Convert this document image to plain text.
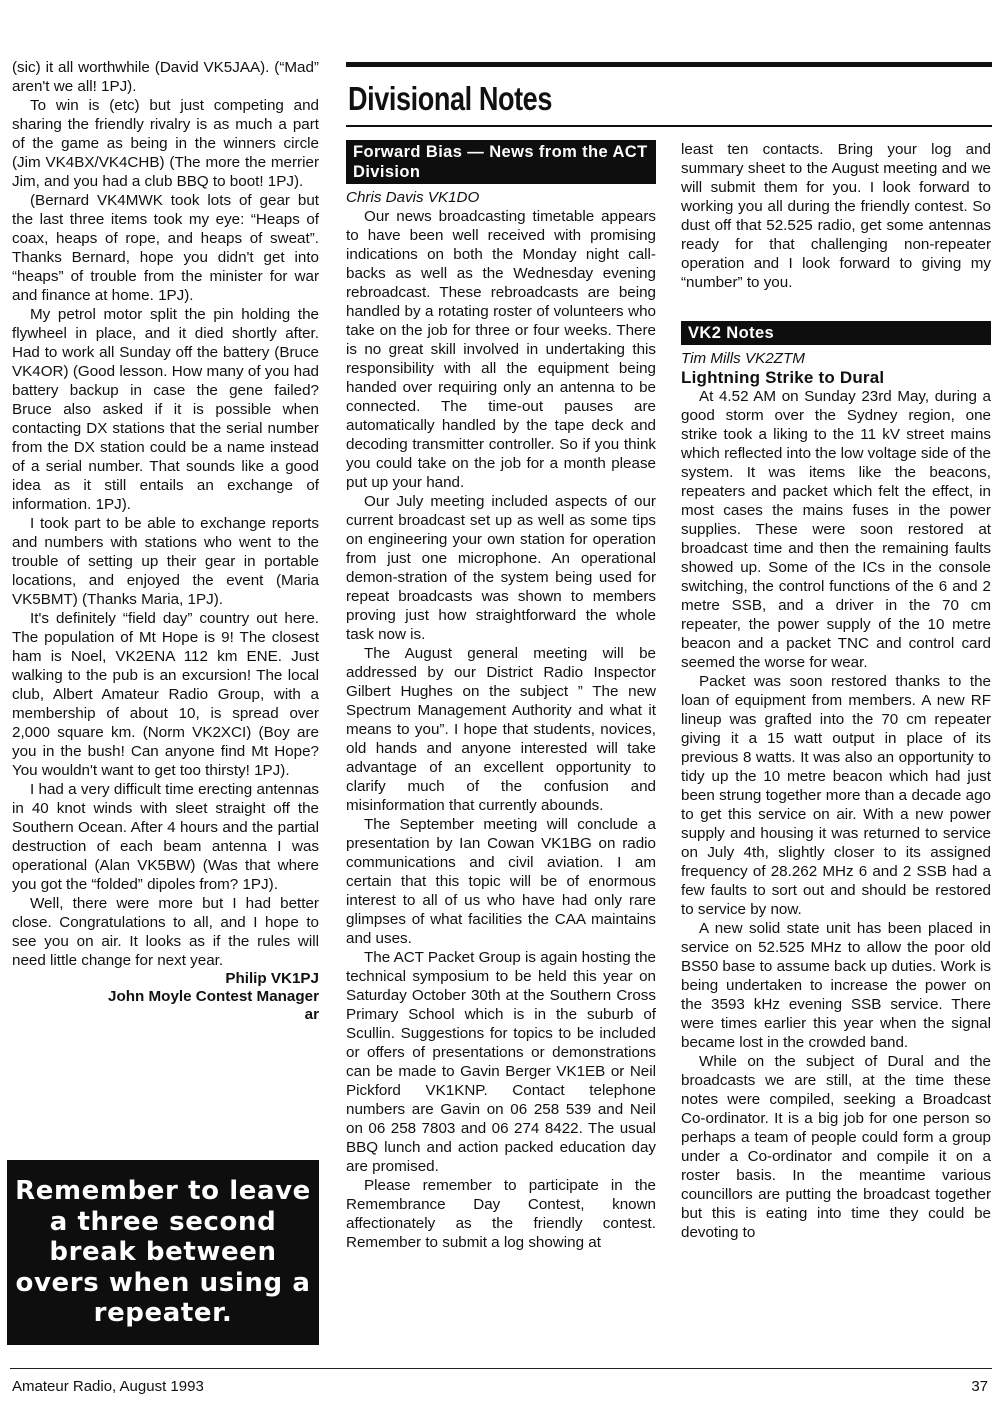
(sic) it all worthwhile (David VK5JAA). (“Mad” aren't we all! 1PJ).

To win is (etc) but just competing and sharing the friendly rivalry is as much a part of the game as being in the winners circle (Jim VK4BX/VK4CHB) (The more the merrier Jim, and you had a club BBQ to boot! 1PJ).

(Bernard VK4MWK took lots of gear but the last three items took my eye: “Heaps of coax, heaps of rope, and heaps of sweat”. Thanks Bernard, hope you didn't get into “heaps” of trouble from the minister for war and finance at home. 1PJ).

My petrol motor split the pin holding the flywheel in place, and it died shortly after. Had to work all Sunday off the battery (Bruce VK4OR) (Good lesson. How many of you had battery backup in case the gene failed? Bruce also asked if it is possible when contacting DX stations that the serial number from the DX station could be a name instead of a serial number. That sounds like a good idea as it still entails an exchange of information. 1PJ).

I took part to be able to exchange reports and numbers with stations who went to the trouble of setting up their gear in portable locations, and enjoyed the event (Maria VK5BMT) (Thanks Maria, 1PJ).

It's definitely “field day” country out here. The population of Mt Hope is 9! The closest ham is Noel, VK2ENA 112 km ENE. Just walking to the pub is an excursion! The local club, Albert Amateur Radio Group, with a membership of about 10, is spread over 2,000 square km. (Norm VK2XCI) (Boy are you in the bush! Can anyone find Mt Hope? You wouldn't want to get too thirsty! 1PJ).

I had a very difficult time erecting antennas in 40 knot winds with sleet straight off the Southern Ocean. After 4 hours and the partial destruction of each beam antenna I was operational (Alan VK5BW) (Was that where you got the “folded” dipoles from? 1PJ).

Well, there were more but I had better close. Congratulations to all, and I hope to see you on air. It looks as if the rules will need little change for next year.

Philip VK1PJ
John Moyle Contest Manager
ar
Remember to leave a three second break between overs when using a repeater.
Divisional Notes
Forward Bias — News from the ACT Division

Chris Davis VK1DO

Our news broadcasting timetable appears to have been well received with promising indications on both the Monday night call-backs as well as the Wednesday evening rebroadcast. These rebroadcasts are being handled by a rotating roster of volunteers who take on the job for three or four weeks. There is no great skill involved in undertaking this responsibility with all the equipment being handed over requiring only an antenna to be connected. The time-out pauses are automatically handled by the tape deck and decoding transmitter controller. So if you think you could take on the job for a month please put up your hand.

Our July meeting included aspects of our current broadcast set up as well as some tips on engineering your own station for operation from just one microphone. An operational demon-stration of the system being used for repeat broadcasts was shown to members proving just how straightforward the whole task now is.

The August general meeting will be addressed by our District Radio Inspector Gilbert Hughes on the subject ” The new Spectrum Management Authority and what it means to you”. I hope that students, novices, old hands and anyone interested will take advantage of an excellent opportunity to clarify much of the confusion and misinformation that currently abounds.

The September meeting will conclude a presentation by Ian Cowan VK1BG on radio communications and civil aviation. I am certain that this topic will be of enormous interest to all of us who have had only rare glimpses of what facilities the CAA maintains and uses.

The ACT Packet Group is again hosting the technical symposium to be held this year on Saturday October 30th at the Southern Cross Primary School which is in the suburb of Scullin. Suggestions for topics to be included or offers of presentations or demonstrations can be made to Gavin Berger VK1EB or Neil Pickford VK1KNP. Contact telephone numbers are Gavin on 06 258 539 and Neil on 06 258 7803 and 06 274 8422. The usual BBQ lunch and action packed education day are promised.

Please remember to participate in the Remembrance Day Contest, known affectionately as the friendly contest. Remember to submit a log showing at

least ten contacts. Bring your log and summary sheet to the August meeting and we will submit them for you. I look forward to working you all during the friendly contest. So dust off that 52.525 radio, get some antennas ready for that challenging non-repeater operation and I look forward to giving my “number” to you.

VK2 Notes

Tim Mills VK2ZTM

Lightning Strike to Dural

At 4.52 AM on Sunday 23rd May, during a good storm over the Sydney region, one strike took a liking to the 11 kV street mains which reflected into the low voltage side of the system. It was items like the beacons, repeaters and packet which felt the effect, in most cases the mains fuses in the power supplies. These were soon restored at broadcast time and then the remaining faults showed up. Some of the ICs in the console switching, the control functions of the 6 and 2 metre SSB, and a driver in the 70 cm repeater, the power supply of the 10 metre beacon and a packet TNC and control card seemed the worse for wear.

Packet was soon restored thanks to the loan of equipment from members. A new RF lineup was grafted into the 70 cm repeater giving it a 15 watt output in place of its previous 8 watts. It was also an opportunity to tidy up the 10 metre beacon which had just been strung together more than a decade ago to get this service on air. With a new power supply and housing it was returned to service on July 4th, slightly closer to its assigned frequency of 28.262 MHz 6 and 2 SSB had a few faults to sort out and should be restored to service by now.

A new solid state unit has been placed in service on 52.525 MHz to allow the poor old BS50 base to assume back up duties. Work is being undertaken to increase the power on the 3593 kHz evening SSB service. There were times earlier this year when the signal became lost in the crowded band.

While on the subject of Dural and the broadcasts we are still, at the time these notes were compiled, seeking a Broadcast Co-ordinator. It is a big job for one person so perhaps a team of people could form a group under a Co-ordinator and compile it on a roster basis. In the meantime various councillors are putting the broadcast together but this is eating into time they could be devoting to

Amateur Radio, August 1993	37
